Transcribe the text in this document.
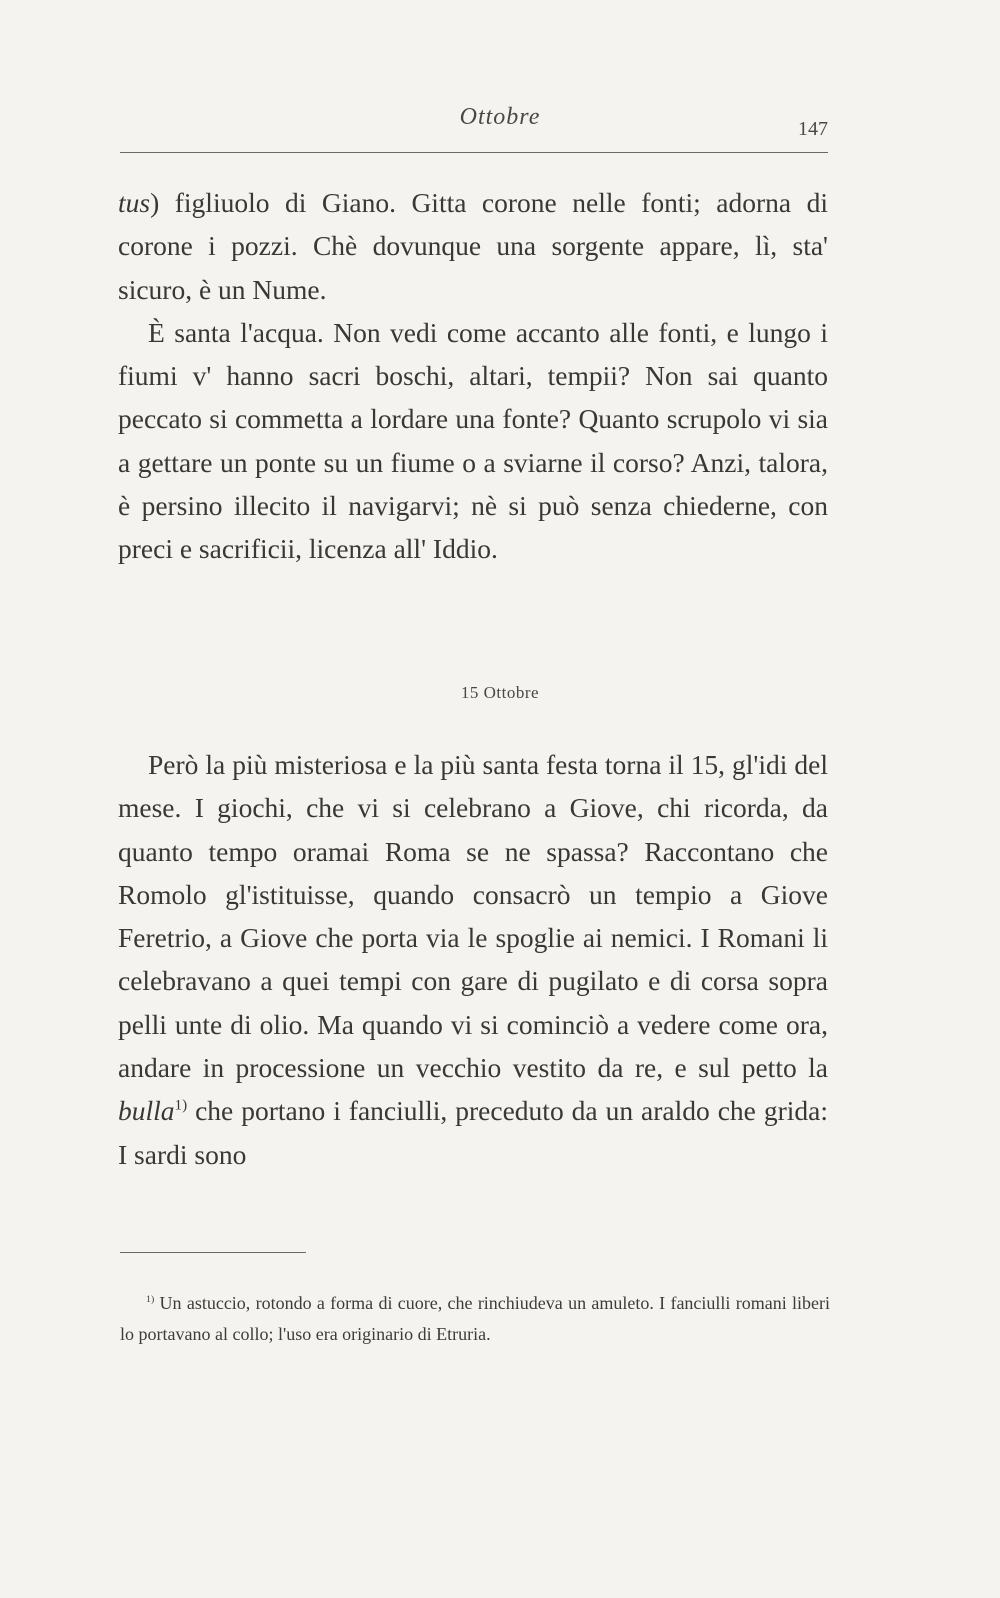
Ottobre	147

tus) figliuolo di Giano. Gitta corone nelle fonti; adorna di corone i pozzi. Chè dovunque una sorgente appare, lì, sta' sicuro, è un Nume.

È santa l'acqua. Non vedi come accanto alle fonti, e lungo i fiumi v' hanno sacri boschi, altari, tempii? Non sai quanto peccato si commetta a lordare una fonte? Quanto scrupolo vi sia a gettare un ponte su un fiume o a sviarne il corso? Anzi, talora, è persino illecito il navigarvi; nè si può senza chiederne, con preci e sacrificii, licenza all' Iddio.

15 Ottobre

Però la più misteriosa e la più santa festa torna il 15, gl'idi del mese. I giochi, che vi si celebrano a Giove, chi ricorda, da quanto tempo oramai Roma se ne spassa? Raccontano che Romolo gl'istituisse, quando consacrò un tempio a Giove Feretrio, a Giove che porta via le spoglie ai nemici. I Romani li celebravano a quei tempi con gare di pugilato e di corsa sopra pelli unte di olio. Ma quando vi si cominciò a vedere come ora, andare in processione un vecchio vestito da re, e sul petto la bulla$^{1)}$ che portano i fanciulli, preceduto da un araldo che grida: I sardi sono

$^{1)}$ Un astuccio, rotondo a forma di cuore, che rinchiudeva un amuleto. I fanciulli romani liberi lo portavano al collo; l'uso era originario di Etruria.
